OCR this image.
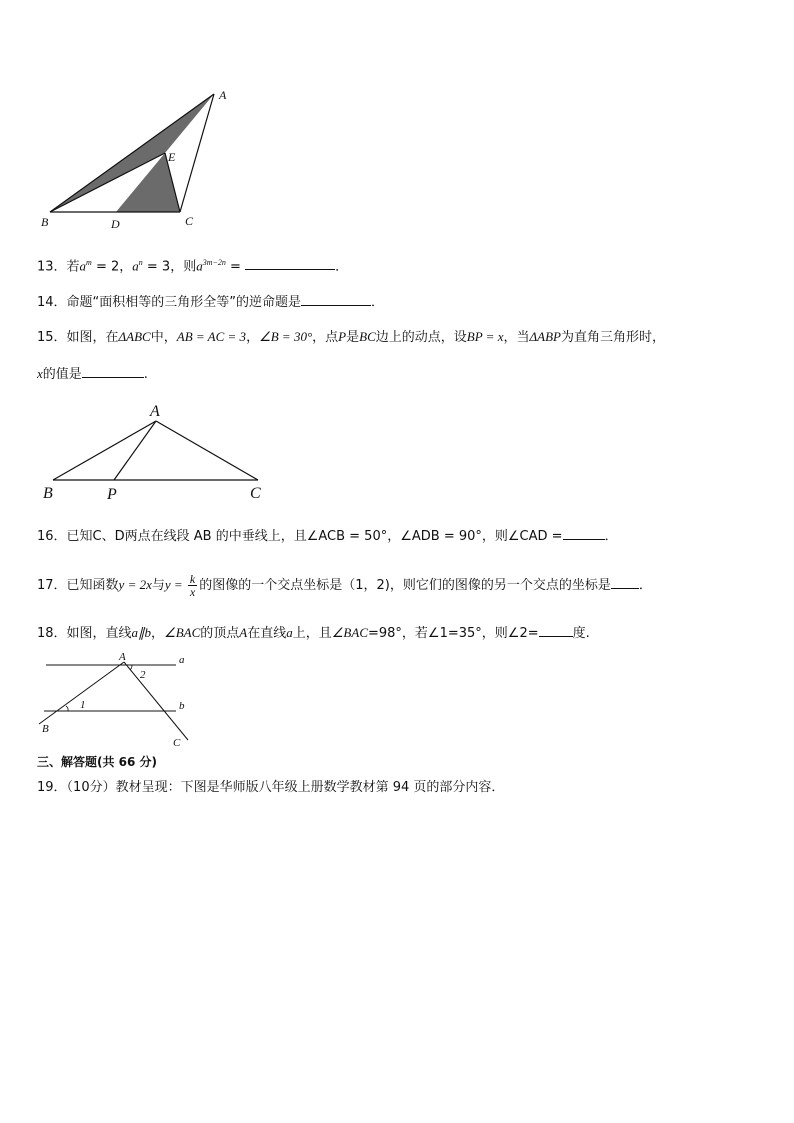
A
E
B	D	C
13．若$a^m = 2$，$a^n = 3$，则$a^{3m-2n}$ =	．
14．命题“面积相等的三角形全等”的逆命题是	．
15．如图，在ΔABC中，AB = AC = 3，∠B = 30°，点P是BC边上的动点，设BP = x，当ΔABP为直角三角形时，
x的值是	.
A
B	P	C
16．已知C、D两点在线段 AB 的中垂线上，且∠ACB = 50°，∠ADB = 90°，则∠CAD =	．
17．已知函数y = 2x与$y = \frac{k}{x}$ 的图像的一个交点坐标是（1，2)，则它们的图像的另一个交点的坐标是 ．
18．如图，直线a∥b，∠BAC的顶点A在直线a上，且∠BAC=98°，若∠1=35°，则∠2=	度.
A	a
2
1	b
B
C
三、解答题(共 66 分)
19．（10分）教材呈现：下图是华师版八年级上册数学教材第 94 页的部分内容．
